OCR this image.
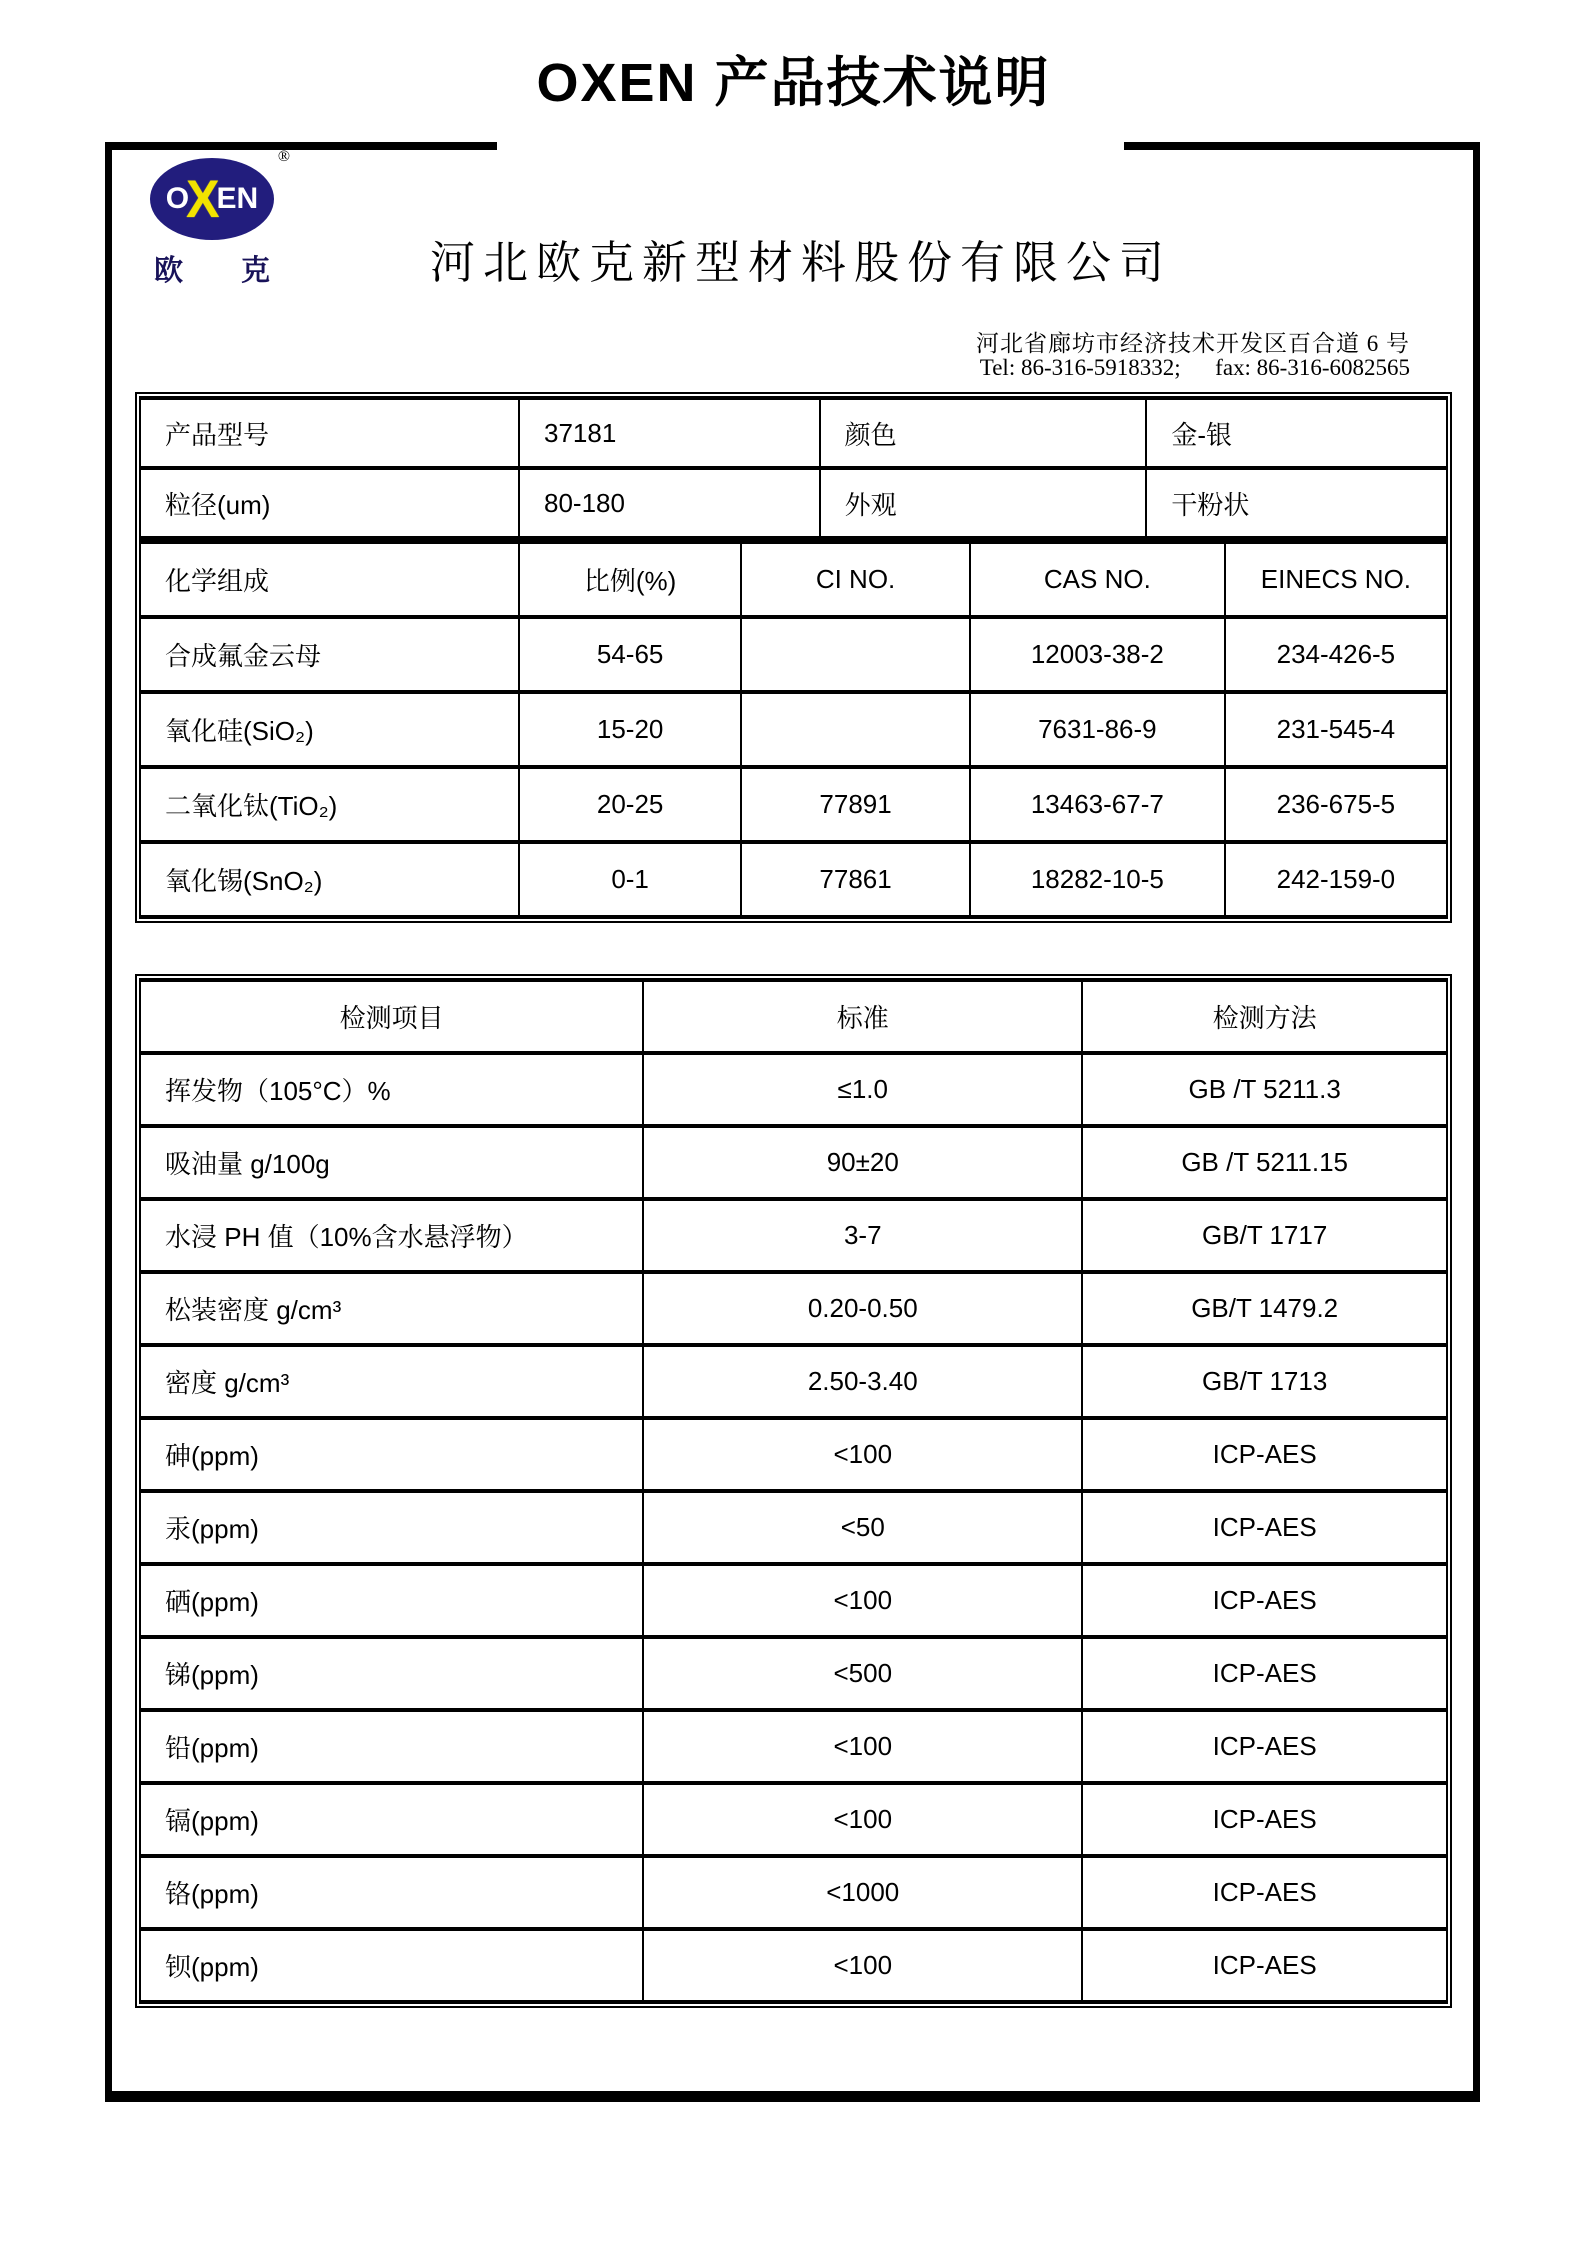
OXEN 产品技术说明
O
X
EN
®
欧 克	河北欧克新型材料股份有限公司
河北省廊坊市经济技术开发区百合道 6 号
Tel: 86-316-5918332;      fax: 86-316-6082565
产品型号	37181	颜色	金-银
粒径(um)	80-180	外观	干粉状
化学组成	比例(%)	CI NO.	CAS NO.	EINECS NO.
合成氟金云母	54-65		12003-38-2	234-426-5
氧化硅(SiO₂)	15-20		7631-86-9	231-545-4
二氧化钛(TiO₂)	20-25	77891	13463-67-7	236-675-5
氧化锡(SnO₂)	0-1	77861	18282-10-5	242-159-0
检测项目	标准	检测方法
挥发物（105°C）%	≤1.0	GB /T 5211.3
吸油量 g/100g	90±20	GB /T 5211.15
水浸 PH 值（10%含水悬浮物）	3-7	GB/T 1717
松装密度 g/cm³	0.20-0.50	GB/T 1479.2
密度 g/cm³	2.50-3.40	GB/T 1713
砷(ppm)	<100	ICP-AES
汞(ppm)	<50	ICP-AES
硒(ppm)	<100	ICP-AES
锑(ppm)	<500	ICP-AES
铅(ppm)	<100	ICP-AES
镉(ppm)	<100	ICP-AES
铬(ppm)	<1000	ICP-AES
钡(ppm)	<100	ICP-AES
